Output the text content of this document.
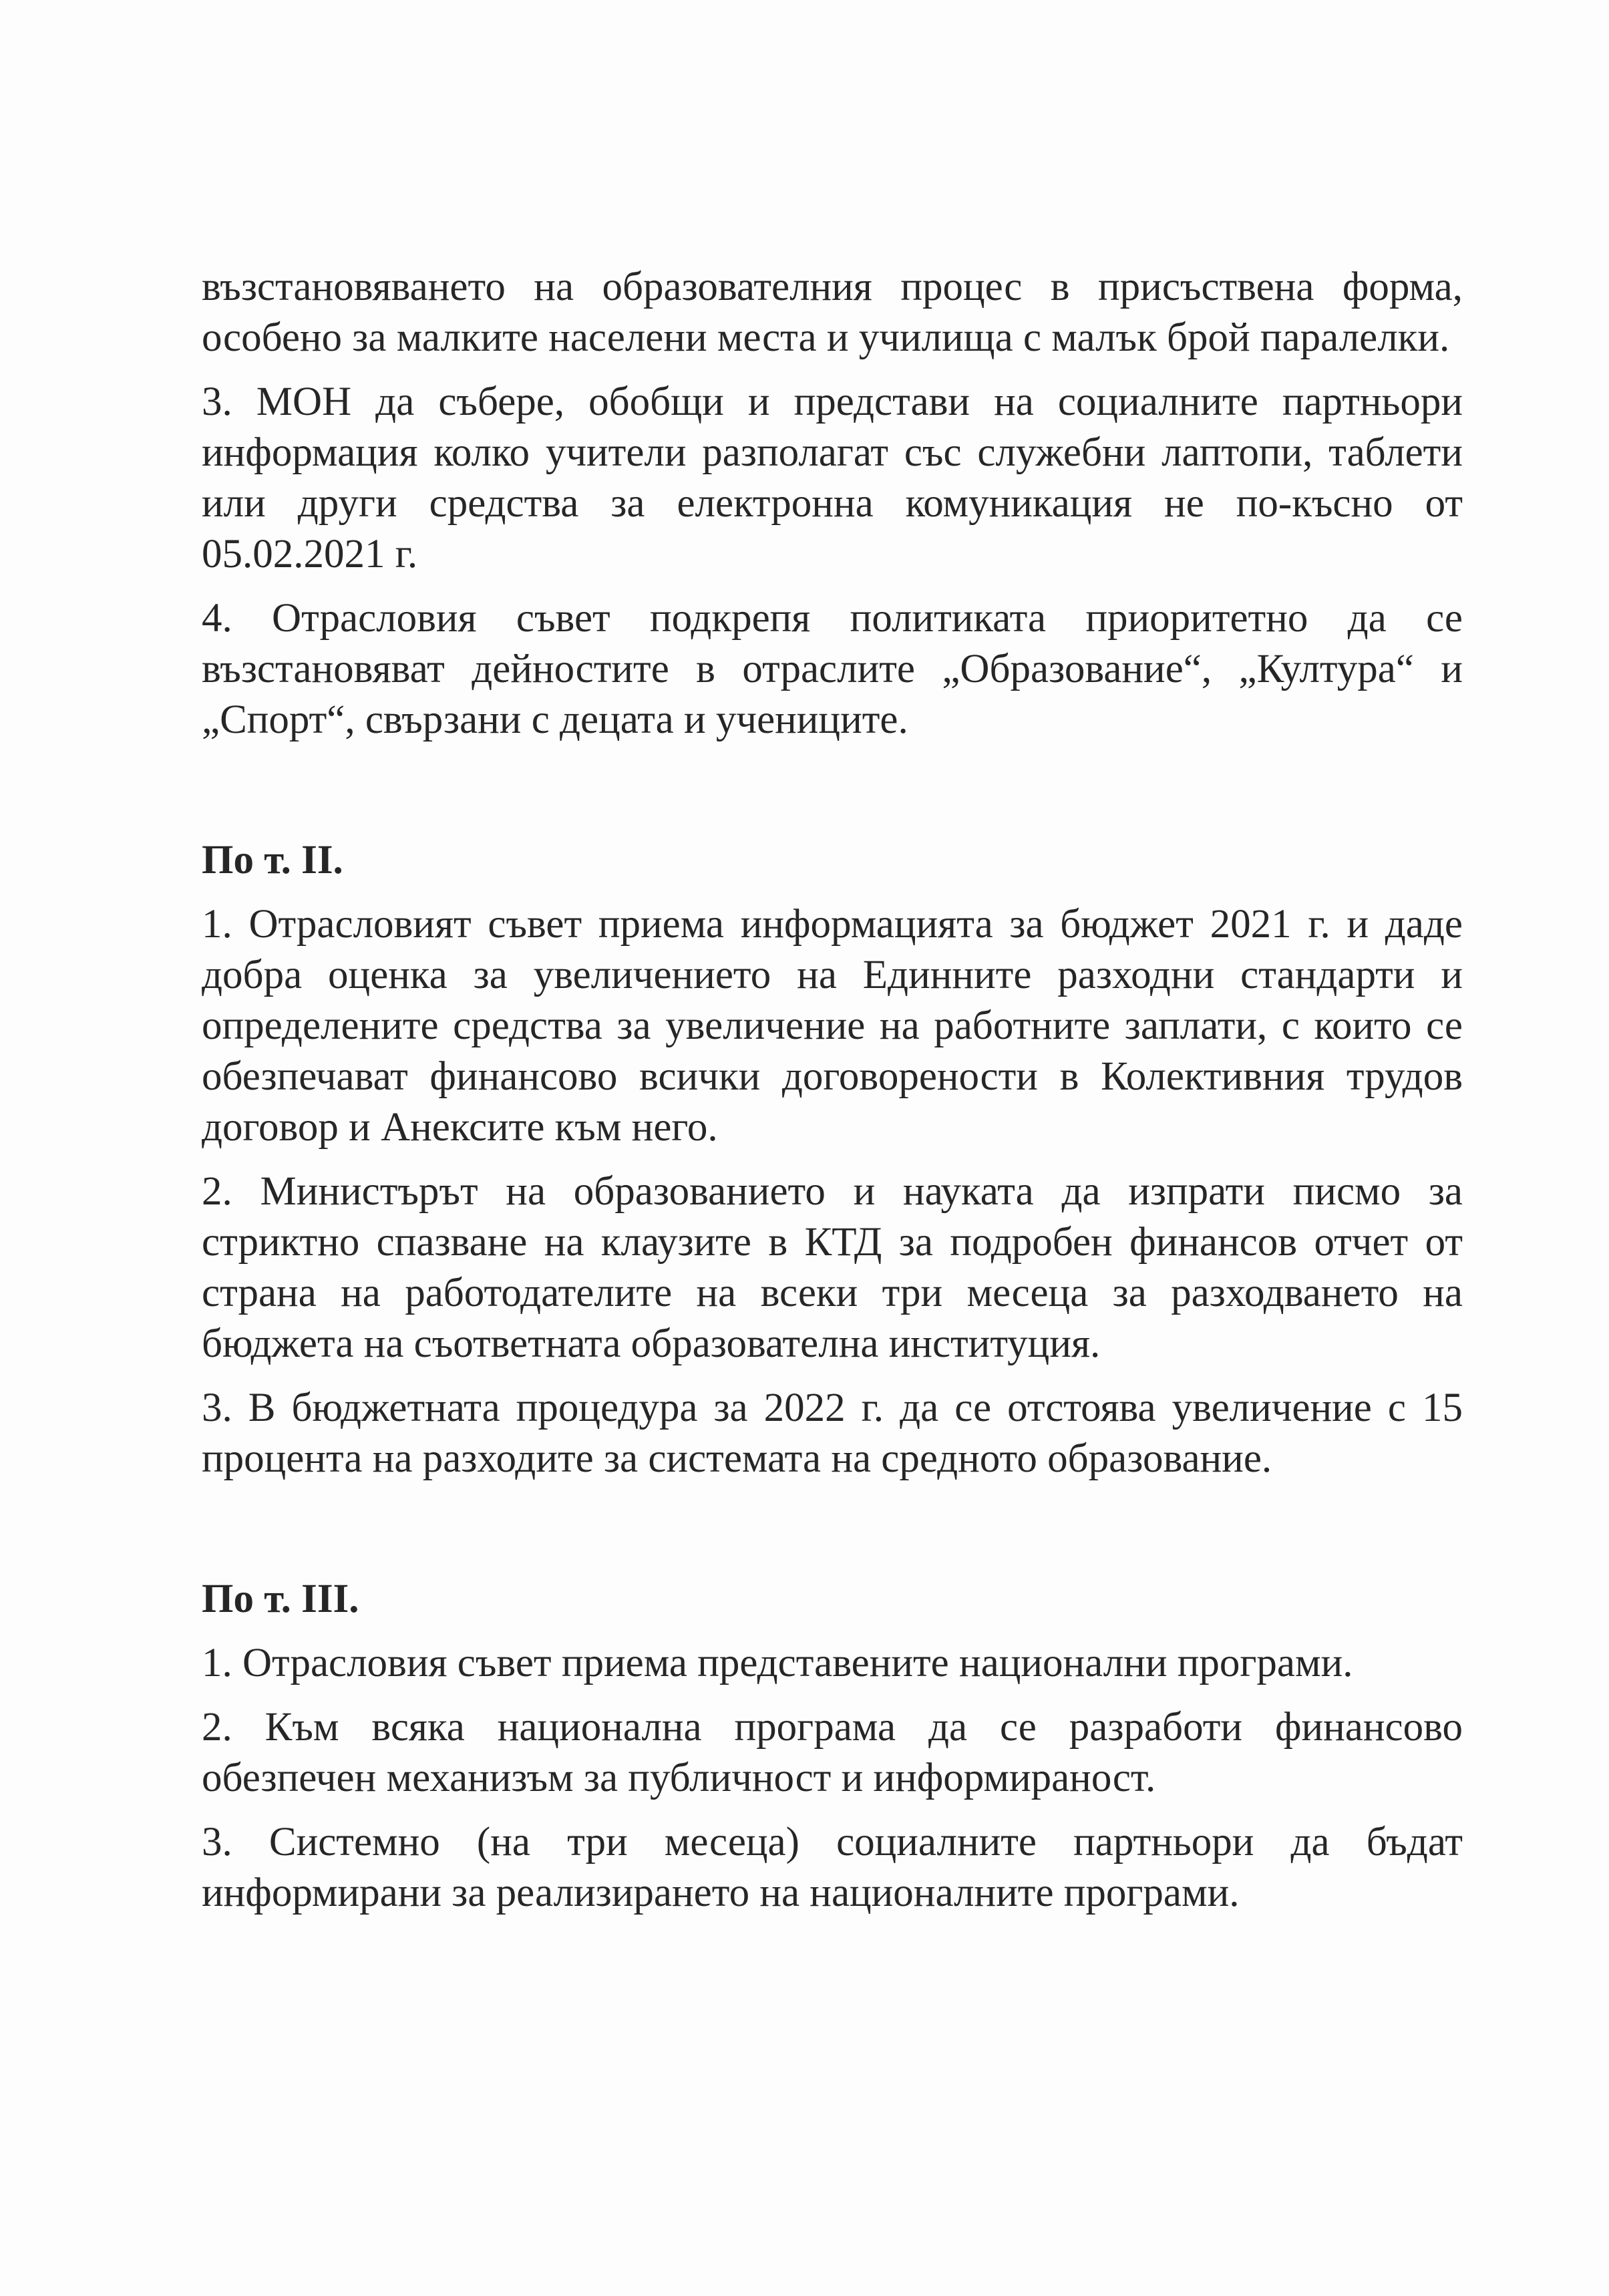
възстановяването на образователния процес в присъствена форма, особено за малките населени места и училища с малък брой паралелки.

3. МОН да събере, обобщи и представи на социалните партньори информация колко учители разполагат със служебни лаптопи, таблети или други средства за електронна комуникация не по-късно от 05.02.2021 г.

4. Отрасловия съвет подкрепя политиката приоритетно да се възстановяват дейностите в отраслите „Образование“, „Култура“ и „Спорт“, свързани с децата и учениците.

По т. II.

1. Отрасловият съвет приема информацията за бюджет 2021 г. и даде добра оценка за увеличението на Единните разходни стандарти и определените средства за увеличение на работните заплати, с които се обезпечават финансово всички договорености в Колективния трудов договор и Анексите към него.

2. Министърът на образованието и науката да изпрати писмо за стриктно спазване на клаузите в КТД за подробен финансов отчет от страна на работодателите на всеки три месеца за разходването на бюджета на съответната образователна институция.

3. В бюджетната процедура за 2022 г. да се отстоява увеличение с 15 процента на разходите за системата на средното образование.

По т. III.

1. Отрасловия съвет приема представените национални програми.

2. Към всяка национална програма да се разработи финансово обезпечен механизъм за публичност и информираност.

3. Системно (на три месеца) социалните партньори да бъдат информирани за реализирането на националните програми.
